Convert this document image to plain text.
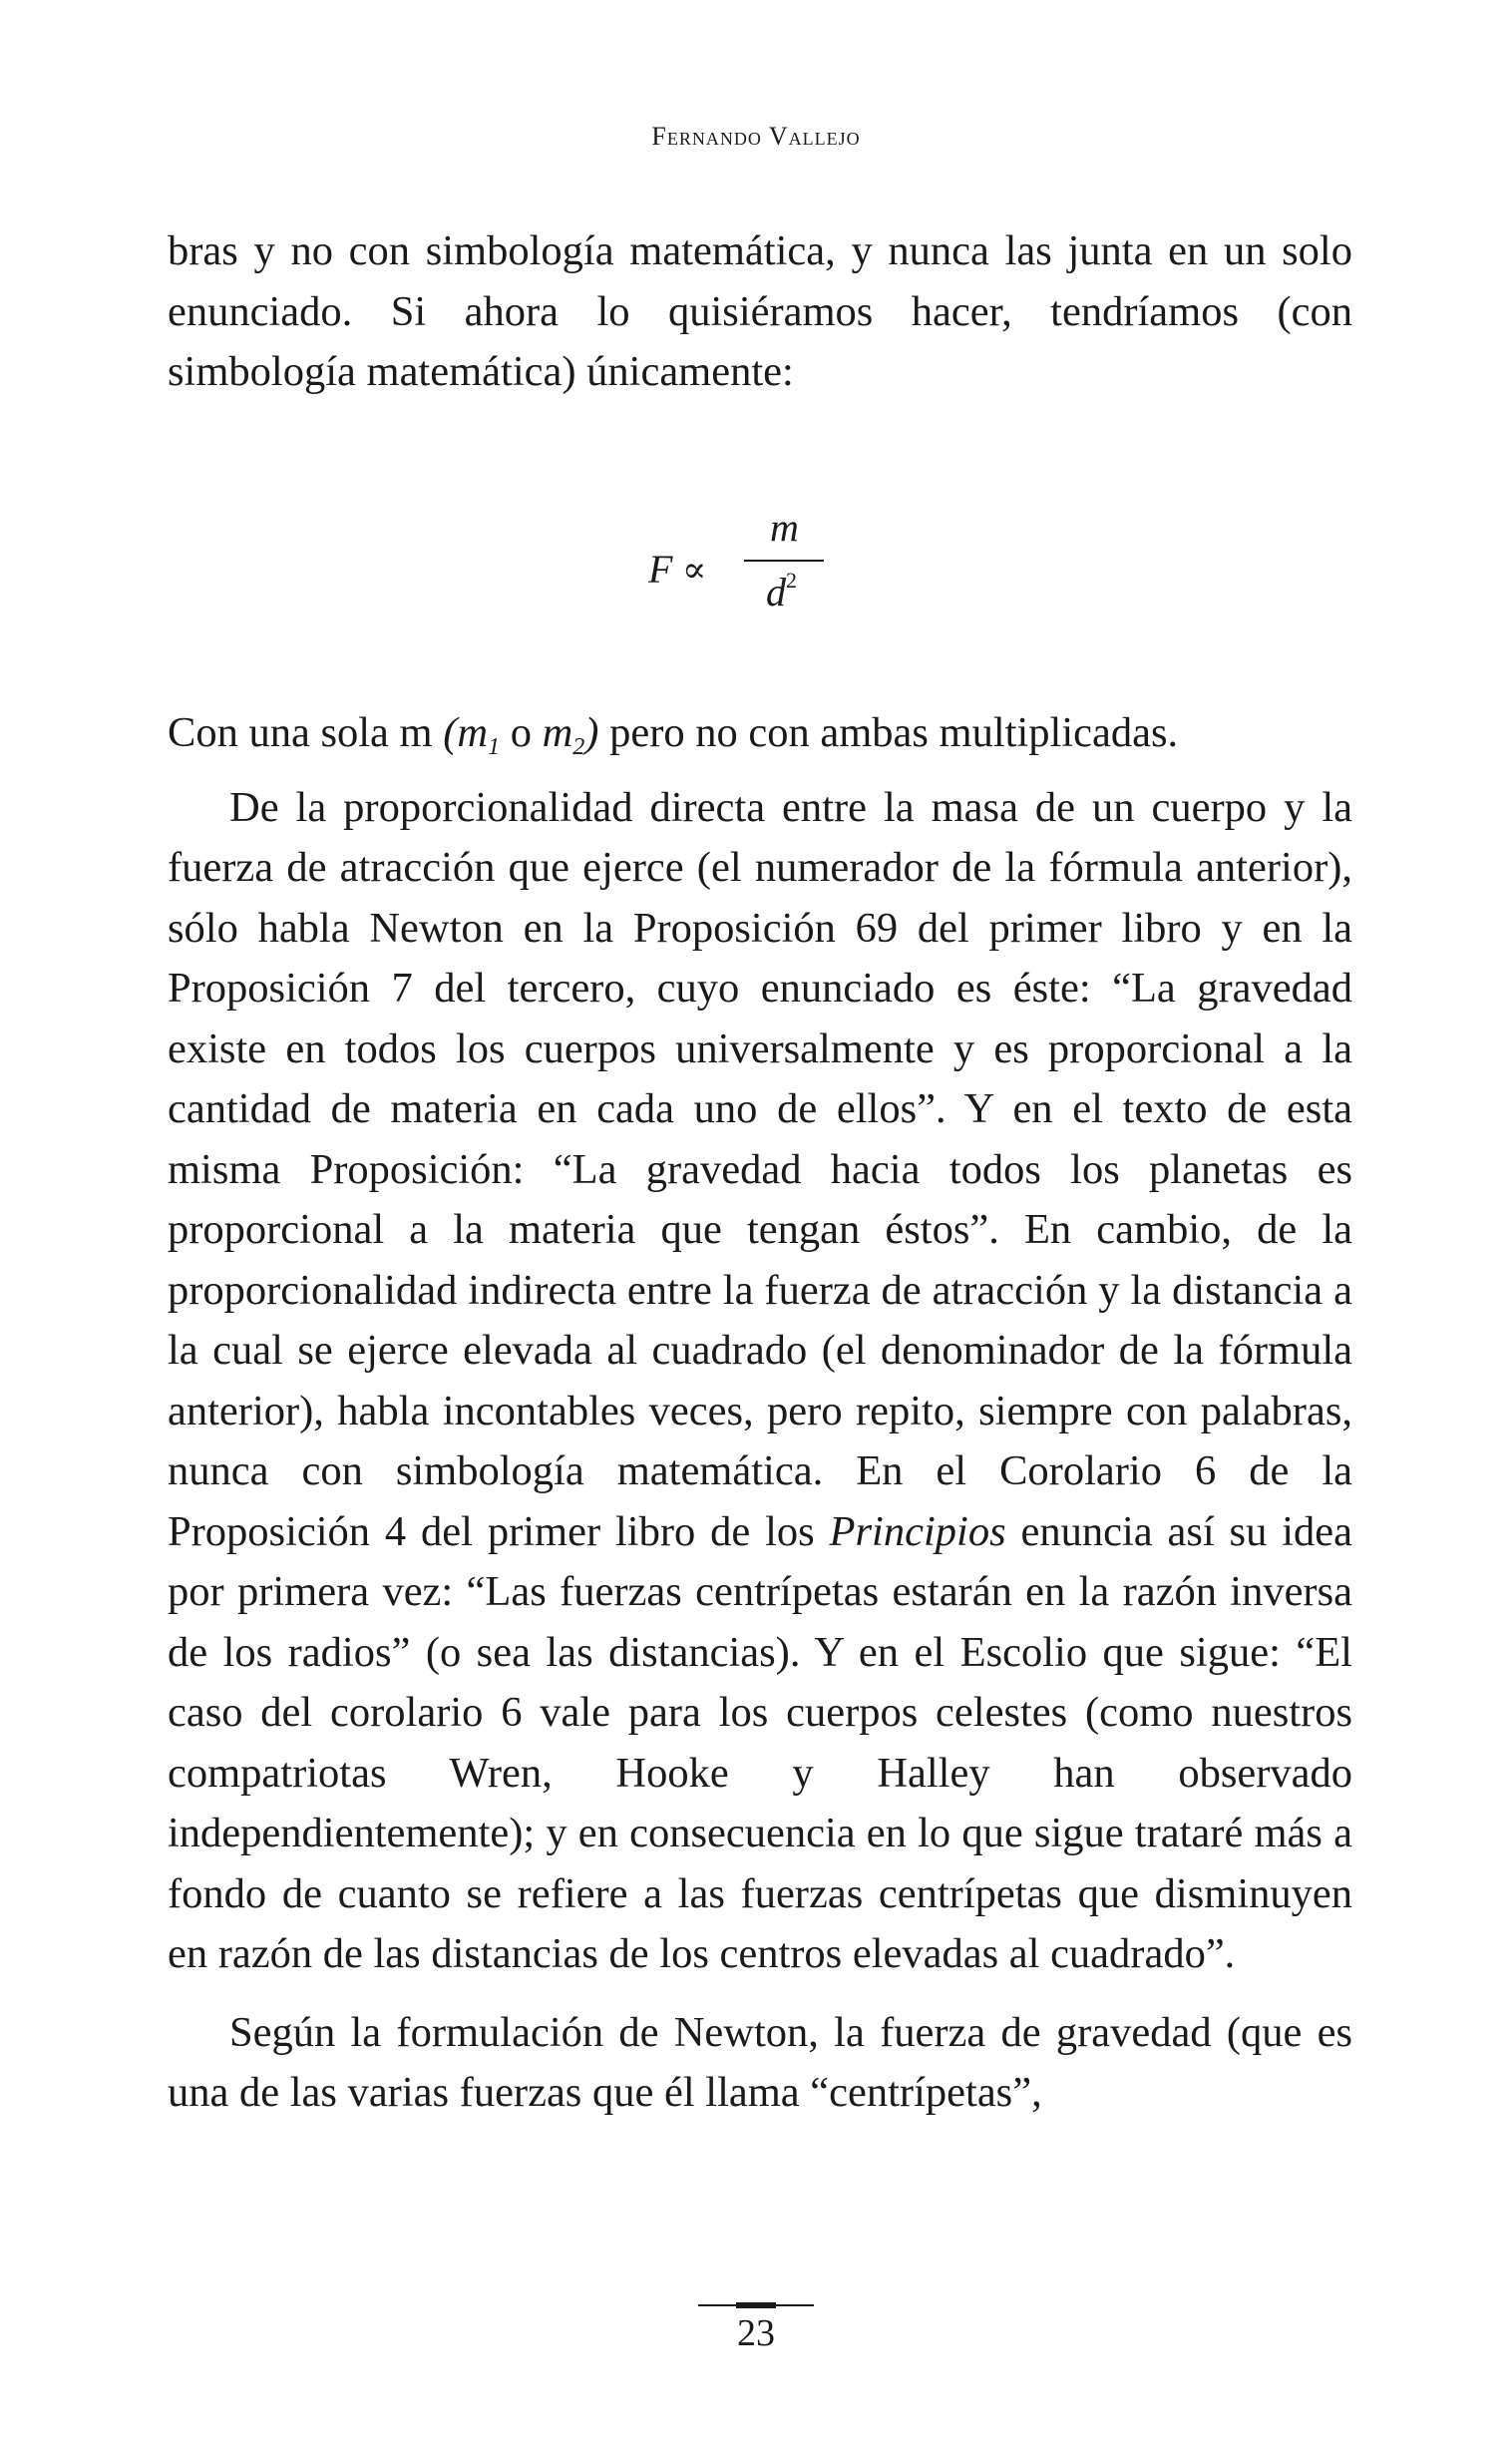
Fernando Vallejo

bras y no con simbología matemática, y nunca las junta en un solo enunciado. Si ahora lo quisiéramos hacer, tendríamos (con simbología matemática) únicamente:

F ∝
m
$d^2$

Con una sola m ($m_1$ o $m_2$) pero no con ambas multiplicadas.

De la proporcionalidad directa entre la masa de un cuerpo y la fuerza de atracción que ejerce (el numerador de la fórmula anterior), sólo habla Newton en la Proposición 69 del primer libro y en la Proposición 7 del tercero, cuyo enunciado es éste: “La gravedad existe en todos los cuerpos universalmente y es proporcional a la cantidad de materia en cada uno de ellos”. Y en el texto de esta misma Proposición: “La gravedad hacia todos los planetas es proporcional a la materia que tengan éstos”. En cambio, de la proporcionalidad indirecta entre la fuerza de atracción y la distancia a la cual se ejerce elevada al cuadrado (el denominador de la fórmula anterior), habla incontables veces, pero repito, siempre con palabras, nunca con simbología matemática. En el Corolario 6 de la Proposición 4 del primer libro de los Principios enuncia así su idea por primera vez: “Las fuerzas centrípetas estarán en la razón inversa de los radios” (o sea las distancias). Y en el Escolio que sigue: “El caso del corolario 6 vale para los cuerpos celestes (como nuestros compatriotas Wren, Hooke y Halley han observado independientemente); y en consecuencia en lo que sigue trataré más a fondo de cuanto se refiere a las fuerzas centrípetas que disminuyen en razón de las distancias de los centros elevadas al cuadrado”.

Según la formulación de Newton, la fuerza de gravedad (que es una de las varias fuerzas que él llama “centrípetas”,

23
